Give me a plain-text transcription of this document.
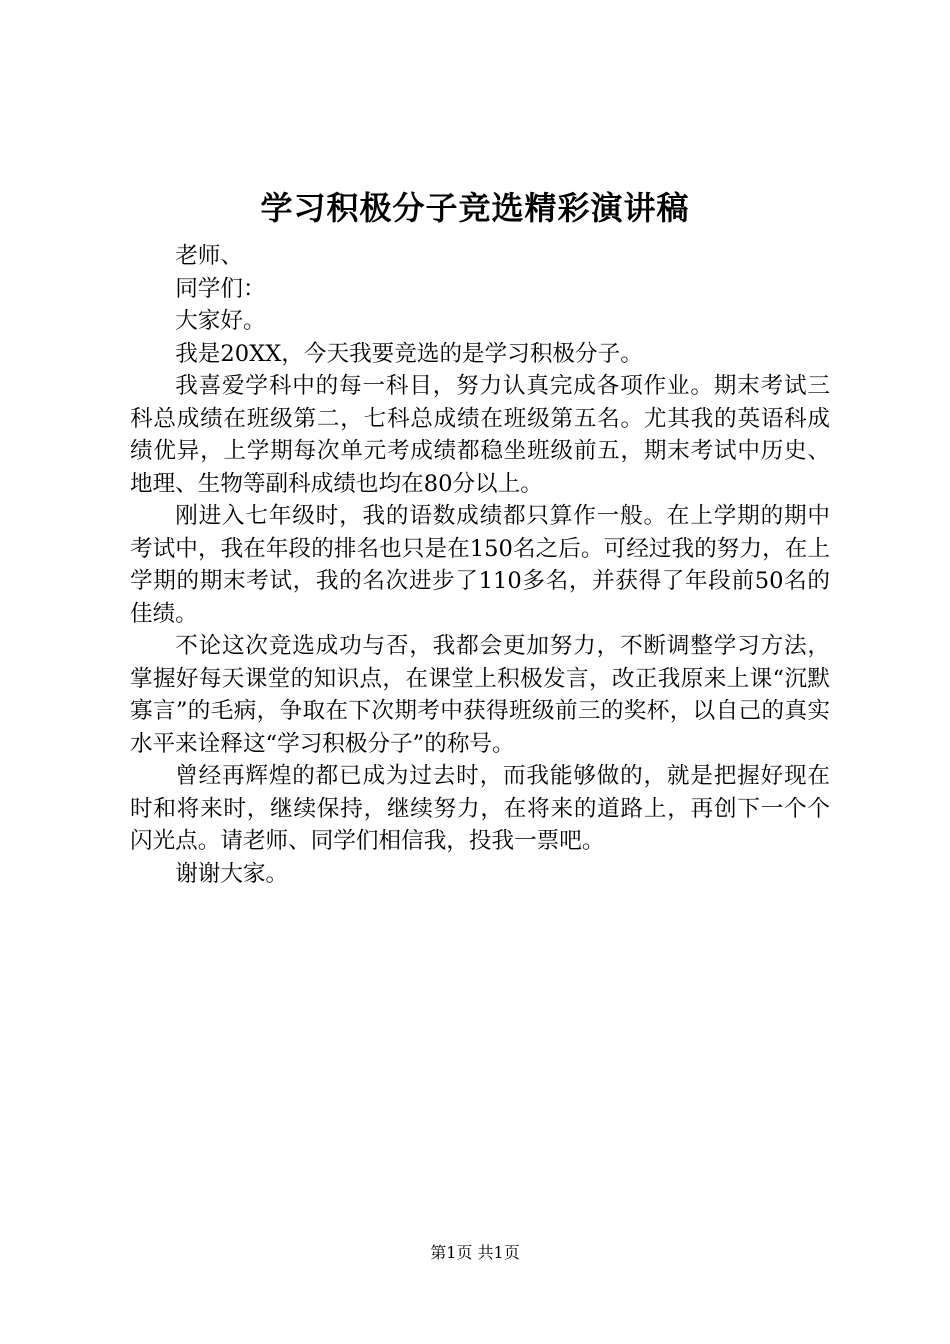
学习积极分子竞选精彩演讲稿

老师、

同学们：

大家好。

我是20XX，今天我要竞选的是学习积极分子。

我喜爱学科中的每一科目，努力认真完成各项作业。期末考试三科总成绩在班级第二，七科总成绩在班级第五名。尤其我的英语科成绩优异，上学期每次单元考成绩都稳坐班级前五，期末考试中历史、地理、生物等副科成绩也均在80分以上。

刚进入七年级时，我的语数成绩都只算作一般。在上学期的期中考试中，我在年段的排名也只是在150名之后。可经过我的努力，在上学期的期末考试，我的名次进步了110多名，并获得了年段前50名的佳绩。

不论这次竞选成功与否，我都会更加努力，不断调整学习方法，掌握好每天课堂的知识点，在课堂上积极发言，改正我原来上课“沉默寡言”的毛病，争取在下次期考中获得班级前三的奖杯，以自己的真实水平来诠释这“学习积极分子”的称号。

曾经再辉煌的都已成为过去时，而我能够做的，就是把握好现在时和将来时，继续保持，继续努力，在将来的道路上，再创下一个个闪光点。请老师、同学们相信我，投我一票吧。

谢谢大家。

第1页 共1页
